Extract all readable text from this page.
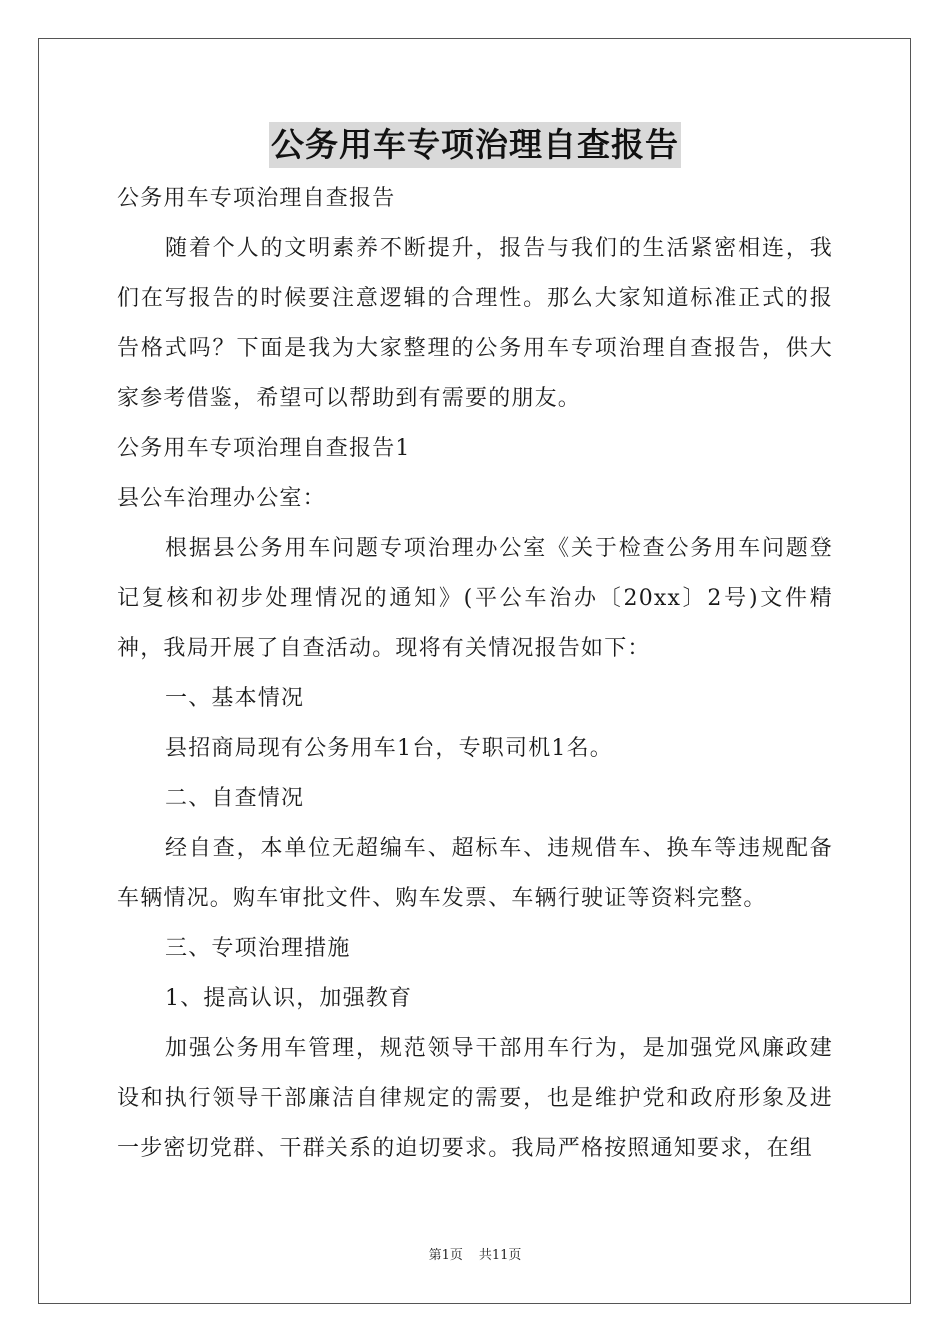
公务用车专项治理自查报告

公务用车专项治理自查报告

随着个人的文明素养不断提升，报告与我们的生活紧密相连，我们在写报告的时候要注意逻辑的合理性。那么大家知道标准正式的报告格式吗？下面是我为大家整理的公务用车专项治理自查报告，供大家参考借鉴，希望可以帮助到有需要的朋友。

公务用车专项治理自查报告1

县公车治理办公室：

根据县公务用车问题专项治理办公室《关于检查公务用车问题登记复核和初步处理情况的通知》(平公车治办〔20xx〕2号)文件精神，我局开展了自查活动。现将有关情况报告如下：

一、基本情况

县招商局现有公务用车1台，专职司机1名。

二、自查情况

经自查，本单位无超编车、超标车、违规借车、换车等违规配备车辆情况。购车审批文件、购车发票、车辆行驶证等资料完整。

三、专项治理措施

1、提高认识，加强教育

加强公务用车管理，规范领导干部用车行为，是加强党风廉政建设和执行领导干部廉洁自律规定的需要，也是维护党和政府形象及进一步密切党群、干群关系的迫切要求。我局严格按照通知要求，在组

第1页 共11页
